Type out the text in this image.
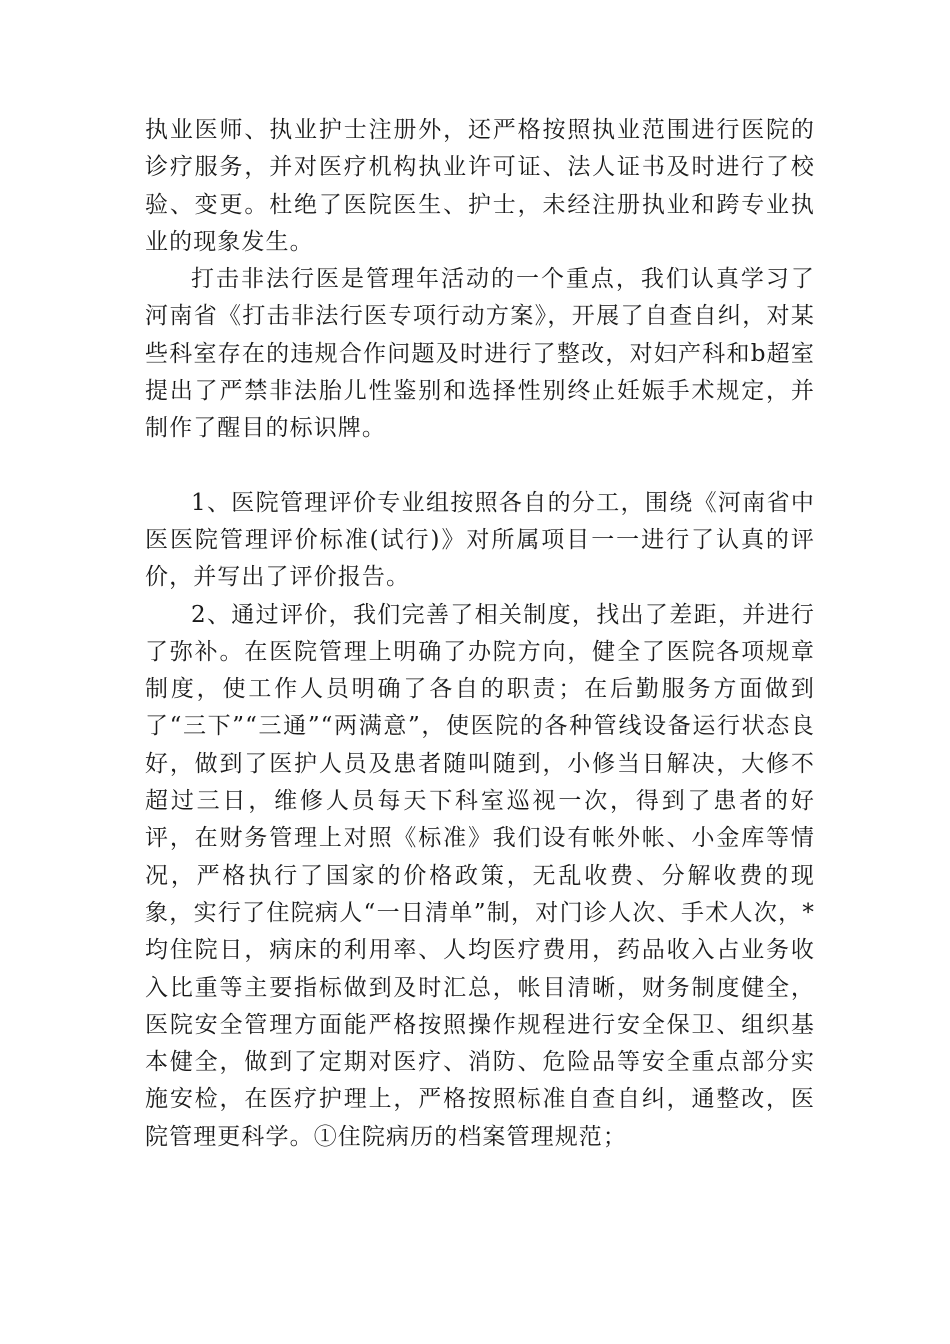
执业医师、执业护士注册外，还严格按照执业范围进行医院的诊疗服务，并对医疗机构执业许可证、法人证书及时进行了校验、变更。杜绝了医院医生、护士，未经注册执业和跨专业执业的现象发生。

打击非法行医是管理年活动的一个重点，我们认真学习了河南省《打击非法行医专项行动方案》，开展了自查自纠，对某些科室存在的违规合作问题及时进行了整改，对妇产科和b超室提出了严禁非法胎儿性鉴别和选择性别终止妊娠手术规定，并制作了醒目的标识牌。

1、医院管理评价专业组按照各自的分工，围绕《河南省中医医院管理评价标准(试行)》对所属项目一一进行了认真的评价，并写出了评价报告。

2、通过评价，我们完善了相关制度，找出了差距，并进行了弥补。在医院管理上明确了办院方向，健全了医院各项规章制度，使工作人员明确了各自的职责；在后勤服务方面做到了“三下”“三通”“两满意”，使医院的各种管线设备运行状态良好，做到了医护人员及患者随叫随到，小修当日解决，大修不超过三日，维修人员每天下科室巡视一次，得到了患者的好评，在财务管理上对照《标准》我们设有帐外帐、小金库等情况，严格执行了国家的价格政策，无乱收费、分解收费的现象，实行了住院病人“一日清单”制，对门诊人次、手术人次，*均住院日，病床的利用率、人均医疗费用，药品收入占业务收入比重等主要指标做到及时汇总，帐目清晰，财务制度健全，医院安全管理方面能严格按照操作规程进行安全保卫、组织基本健全，做到了定期对医疗、消防、危险品等安全重点部分实施安检，在医疗护理上，严格按照标准自查自纠，通整改，医院管理更科学。①住院病历的档案管理规范；
